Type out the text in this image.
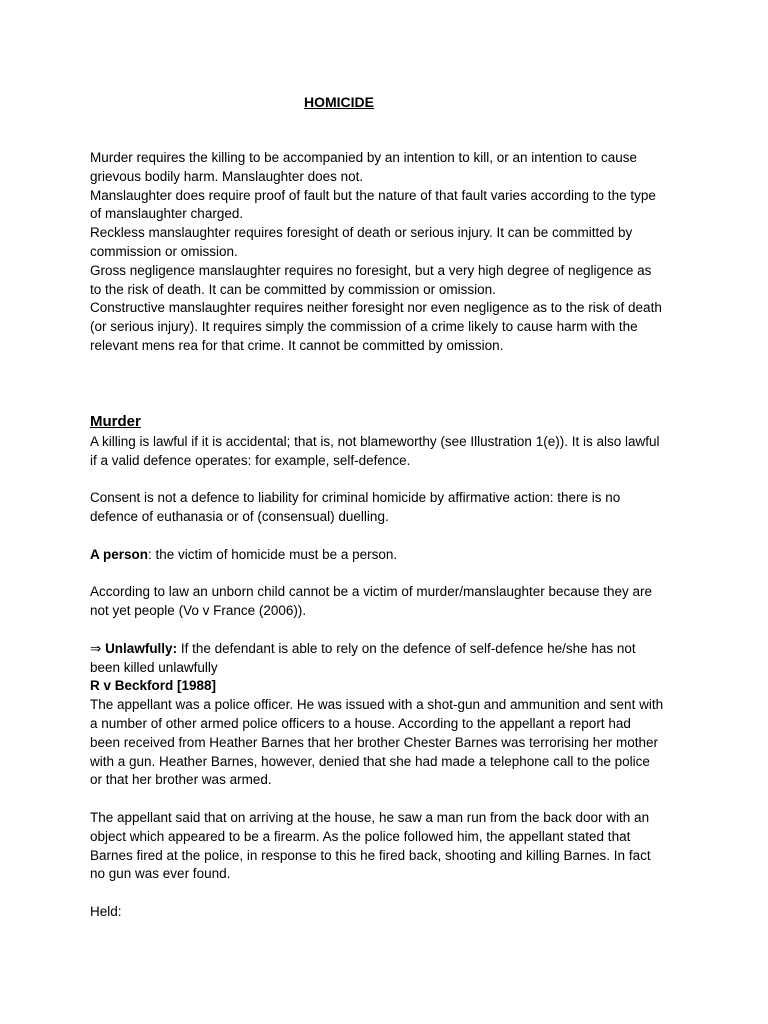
HOMICIDE
Murder requires the killing to be accompanied by an intention to kill, or an intention to cause
grievous bodily harm. Manslaughter does not.
Manslaughter does require proof of fault but the nature of that fault varies according to the type
of manslaughter charged.
Reckless manslaughter requires foresight of death or serious injury. It can be committed by
commission or omission.
Gross negligence manslaughter requires no foresight, but a very high degree of negligence as
to the risk of death. It can be committed by commission or omission.
Constructive manslaughter requires neither foresight nor even negligence as to the risk of death
(or serious injury). It requires simply the commission of a crime likely to cause harm with the
relevant mens rea for that crime. It cannot be committed by omission.
Murder
A killing is lawful if it is accidental; that is, not blameworthy (see Illustration 1(e)). It is also lawful
if a valid defence operates: for example, self-defence.
Consent is not a defence to liability for criminal homicide by affirmative action: there is no
defence of euthanasia or of (consensual) duelling.
A person: the victim of homicide must be a person.
According to law an unborn child cannot be a victim of murder/manslaughter because they are
not yet people (Vo v France (2006)).
⇒ Unlawfully: If the defendant is able to rely on the defence of self-defence he/she has not
been killed unlawfully
R v Beckford [1988]
The appellant was a police officer. He was issued with a shot-gun and ammunition and sent with
a number of other armed police officers to a house. According to the appellant a report had
been received from Heather Barnes that her brother Chester Barnes was terrorising her mother
with a gun. Heather Barnes, however, denied that she had made a telephone call to the police
or that her brother was armed.
The appellant said that on arriving at the house, he saw a man run from the back door with an
object which appeared to be a firearm. As the police followed him, the appellant stated that
Barnes fired at the police, in response to this he fired back, shooting and killing Barnes. In fact
no gun was ever found.
Held:
